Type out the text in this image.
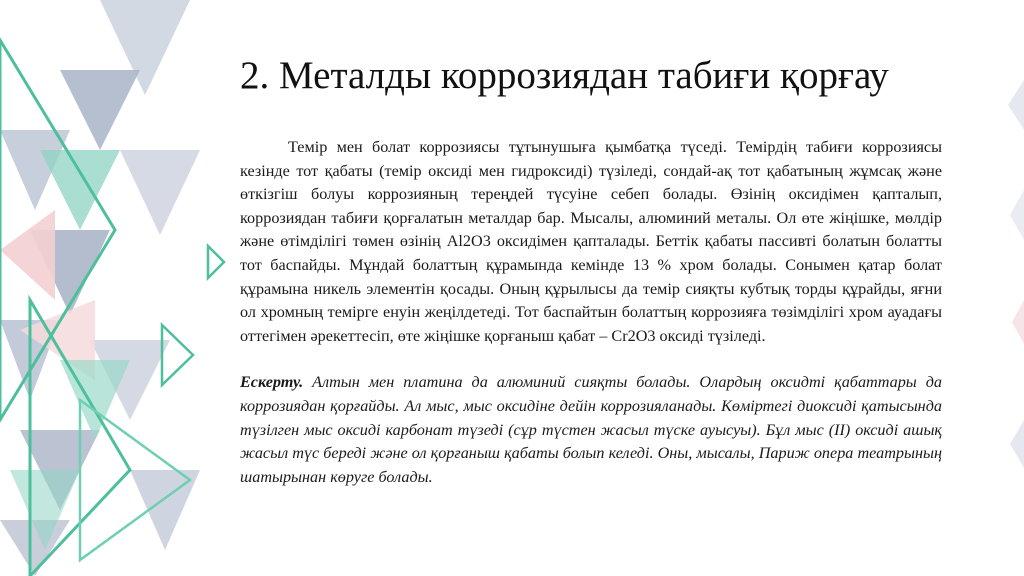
2. Металды коррозиядан табиғи қорғау

Темір мен болат коррозиясы тұтынушыға қымбатқа түседі. Темірдің табиғи коррозиясы кезінде тот қабаты (темір оксиді мен гидроксиді) түзіледі, сондай-ақ тот қабатының жұмсақ және өткізгіш болуы коррозияның тереңдей түсуіне себеп болады. Өзінің оксидімен қапталып, коррозиядан табиғи қорғалатын металдар бар. Мысалы, алюминий металы. Ол өте жіңішке, мөлдір және өтімділігі төмен өзінің Al2O3 оксидімен қапталады. Беттік қабаты пассивті болатын болатты тот баспайды. Мұндай болаттың құрамында кемінде 13 % хром болады. Сонымен қатар болат құрамына никель элементін қосады. Оның құрылысы да темір сияқты кубтық торды құрайды, яғни ол хромның темірге енуін жеңілдетеді. Тот баспайтын болаттың коррозияға төзімділігі хром ауадағы оттегімен әрекеттесіп, өте жіңішке қорғаныш қабат – Cr2O3 оксиді түзіледі.

Ескерту. Алтын мен платина да алюминий сияқты болады. Олардың оксидті қабаттары да коррозиядан қорғайды. Ал мыс, мыс оксидіне дейін коррозияланады. Көміртегі диоксиді қатысында түзілген мыс оксиді карбонат түзеді (сұр түстен жасыл түске ауысуы). Бұл мыс (ІІ) оксиді ашық жасыл түс береді және ол қорғаныш қабаты болып келеді. Оны, мысалы, Париж опера театрының шатырынан көруге болады.
